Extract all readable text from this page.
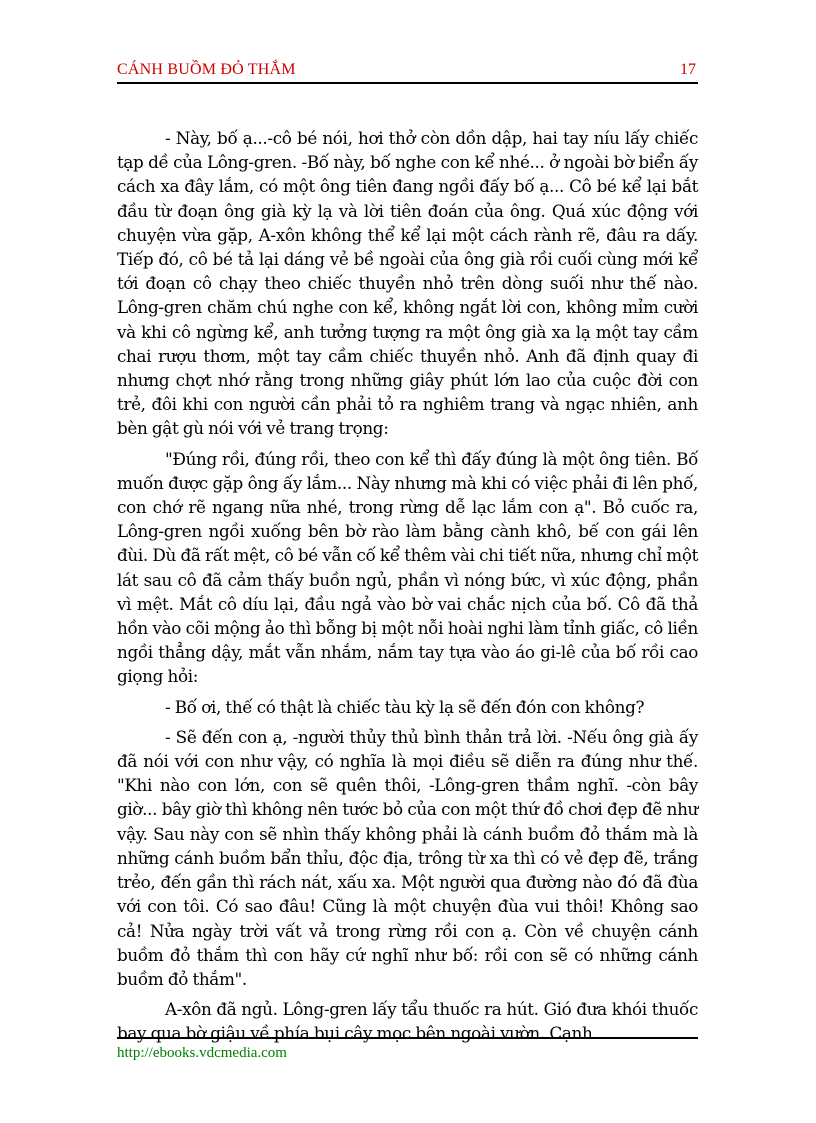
CÁNH BUỒM ĐỎ THẮM	17

- Này, bố ạ...-cô bé nói, hơi thở còn dồn dập, hai tay níu lấy chiếc tạp dề của Lông-gren. -Bố này, bố nghe con kể nhé... ở ngoài bờ biển ấy cách xa đây lắm, có một ông tiên đang ngồi đấy bố ạ... Cô bé kể lại bắt đầu từ đoạn ông già kỳ lạ và lời tiên đoán của ông. Quá xúc động với chuyện vừa gặp, A-xôn không thể kể lại một cách rành rẽ, đâu ra dấy. Tiếp đó, cô bé tả lại dáng vẻ bề ngoài của ông già rồi cuối cùng mới kể tới đoạn cô chạy theo chiếc thuyền nhỏ trên dòng suối như thế nào. Lông-gren chăm chú nghe con kể, không ngắt lời con, không mỉm cười và khi cô ngừng kể, anh tưởng tượng ra một ông già xa lạ một tay cầm chai rượu thơm, một tay cầm chiếc thuyền nhỏ. Anh đã định quay đi nhưng chợt nhớ rằng trong những giây phút lớn lao của cuộc đời con trẻ, đôi khi con người cần phải tỏ ra nghiêm trang và ngạc nhiên, anh bèn gật gù nói với vẻ trang trọng:

"Đúng rồi, đúng rồi, theo con kể thì đấy đúng là một ông tiên. Bố muốn được gặp ông ấy lắm... Này nhưng mà khi có việc phải đi lên phố, con chớ rẽ ngang nữa nhé, trong rừng dễ lạc lắm con ạ". Bỏ cuốc ra, Lông-gren ngồi xuống bên bờ rào làm bằng cành khô, bế con gái lên đùi. Dù đã rất mệt, cô bé vẫn cố kể thêm vài chi tiết nữa, nhưng chỉ một lát sau cô đã cảm thấy buồn ngủ, phần vì nóng bức, vì xúc động, phần vì mệt. Mắt cô díu lại, đầu ngả vào bờ vai chắc nịch của bố. Cô đã thả hồn vào cõi mộng ảo thì bỗng bị một nỗi hoài nghi làm tỉnh giấc, cô liền ngồi thẳng dậy, mắt vẫn nhắm, nắm tay tựa vào áo gi-lê của bố rồi cao giọng hỏi:

- Bố ơi, thế có thật là chiếc tàu kỳ lạ sẽ đến đón con không?

- Sẽ đến con ạ, -người thủy thủ bình thản trả lời. -Nếu ông già ấy đã nói với con như vậy, có nghĩa là mọi điều sẽ diễn ra đúng như thế. "Khi nào con lớn, con sẽ quên thôi, -Lông-gren thầm nghĩ. -còn bây giờ... bây giờ thì không nên tước bỏ của con một thứ đồ chơi đẹp đẽ như vậy. Sau này con sẽ nhìn thấy không phải là cánh buồm đỏ thắm mà là những cánh buồm bẩn thỉu, độc địa, trông từ xa thì có vẻ đẹp đẽ, trắng trẻo, đến gần thì rách nát, xấu xa. Một người qua đường nào đó đã đùa với con tôi. Có sao đâu! Cũng là một chuyện đùa vui thôi! Không sao cả! Nửa ngày trời vất vả trong rừng rồi con ạ. Còn về chuyện cánh buồm đỏ thắm thì con hãy cứ nghĩ như bố: rồi con sẽ có những cánh buồm đỏ thắm".

A-xôn đã ngủ. Lông-gren lấy tẩu thuốc ra hút. Gió đưa khói thuốc bay qua bờ giậu về phía bụi cây mọc bên ngoài vườn. Cạnh

http://ebooks.vdcmedia.com
